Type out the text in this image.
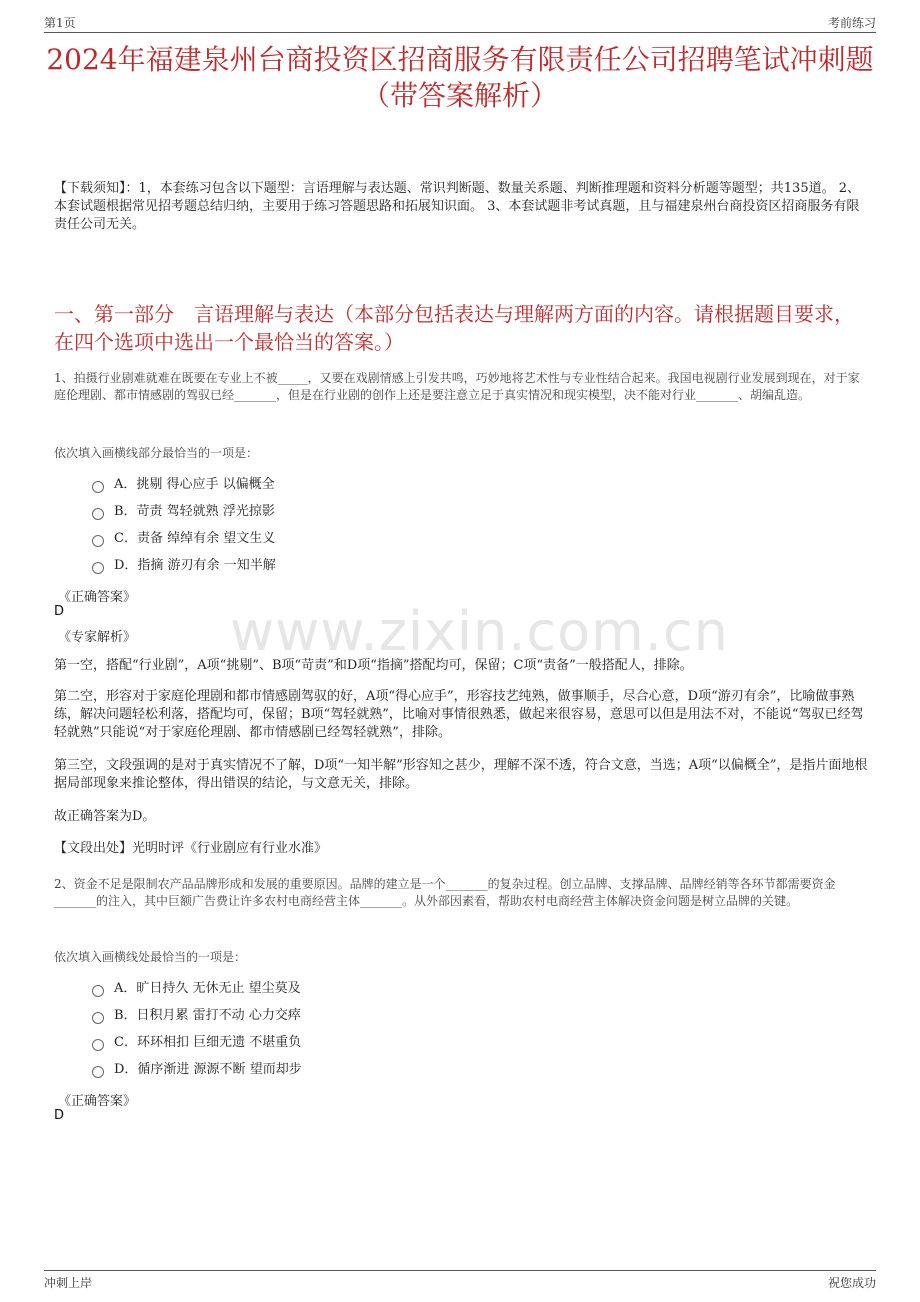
第1页	考前练习
2024年福建泉州台商投资区招商服务有限责任公司招聘笔试冲刺题（带答案解析）
【下载须知】：1，本套练习包含以下题型：言语理解与表达题、常识判断题、数量关系题、判断推理题和资料分析题等题型；共135道。 2、本套试题根据常见招考题总结归纳，主要用于练习答题思路和拓展知识面。 3、本套试题非考试真题，且与福建泉州台商投资区招商服务有限责任公司无关。
一、第一部分　言语理解与表达（本部分包括表达与理解两方面的内容。请根据题目要求，在四个选项中选出一个最恰当的答案。）
www.zixin.com.cn
1、拍摄行业剧难就难在既要在专业上不被_____，又要在戏剧情感上引发共鸣，巧妙地将艺术性与专业性结合起来。我国电视剧行业发展到现在，对于家庭伦理剧、都市情感剧的驾驭已经_______，但是在行业剧的创作上还是要注意立足于真实情况和现实模型，决不能对行业_______、胡编乱造。
依次填入画横线部分最恰当的一项是：
A．挑剔 得心应手 以偏概全
B．苛责 驾轻就熟 浮光掠影
C．责备 绰绰有余 望文生义
D．指摘 游刃有余 一知半解
《正确答案》
D
《专家解析》
第一空，搭配“行业剧”，A项“挑剔”、B项“苛责”和D项“指摘”搭配均可，保留；C项“责备”一般搭配人，排除。
第二空，形容对于家庭伦理剧和都市情感剧驾驭的好，A项“得心应手”，形容技艺纯熟，做事顺手，尽合心意，D项“游刃有余”，比喻做事熟练，解决问题轻松利落，搭配均可，保留；B项“驾轻就熟”，比喻对事情很熟悉，做起来很容易，意思可以但是用法不对，不能说“驾驭已经驾轻就熟”只能说“对于家庭伦理剧、都市情感剧已经驾轻就熟”，排除。
第三空，文段强调的是对于真实情况不了解，D项“一知半解”形容知之甚少，理解不深不透，符合文意，当选；A项“以偏概全”，是指片面地根据局部现象来推论整体，得出错误的结论，与文意无关，排除。
故正确答案为D。
【文段出处】光明时评《行业剧应有行业水准》
2、资金不足是限制农产品品牌形成和发展的重要原因。品牌的建立是一个_______的复杂过程。创立品牌、支撑品牌、品牌经销等各环节都需要资金_______的注入，其中巨额广告费让许多农村电商经营主体_______。从外部因素看，帮助农村电商经营主体解决资金问题是树立品牌的关键。
依次填入画横线处最恰当的一项是：
A．旷日持久 无休无止 望尘莫及
B．日积月累 雷打不动 心力交瘁
C．环环相扣 巨细无遗 不堪重负
D．循序渐进 源源不断 望而却步
《正确答案》
D
冲刺上岸	祝您成功
